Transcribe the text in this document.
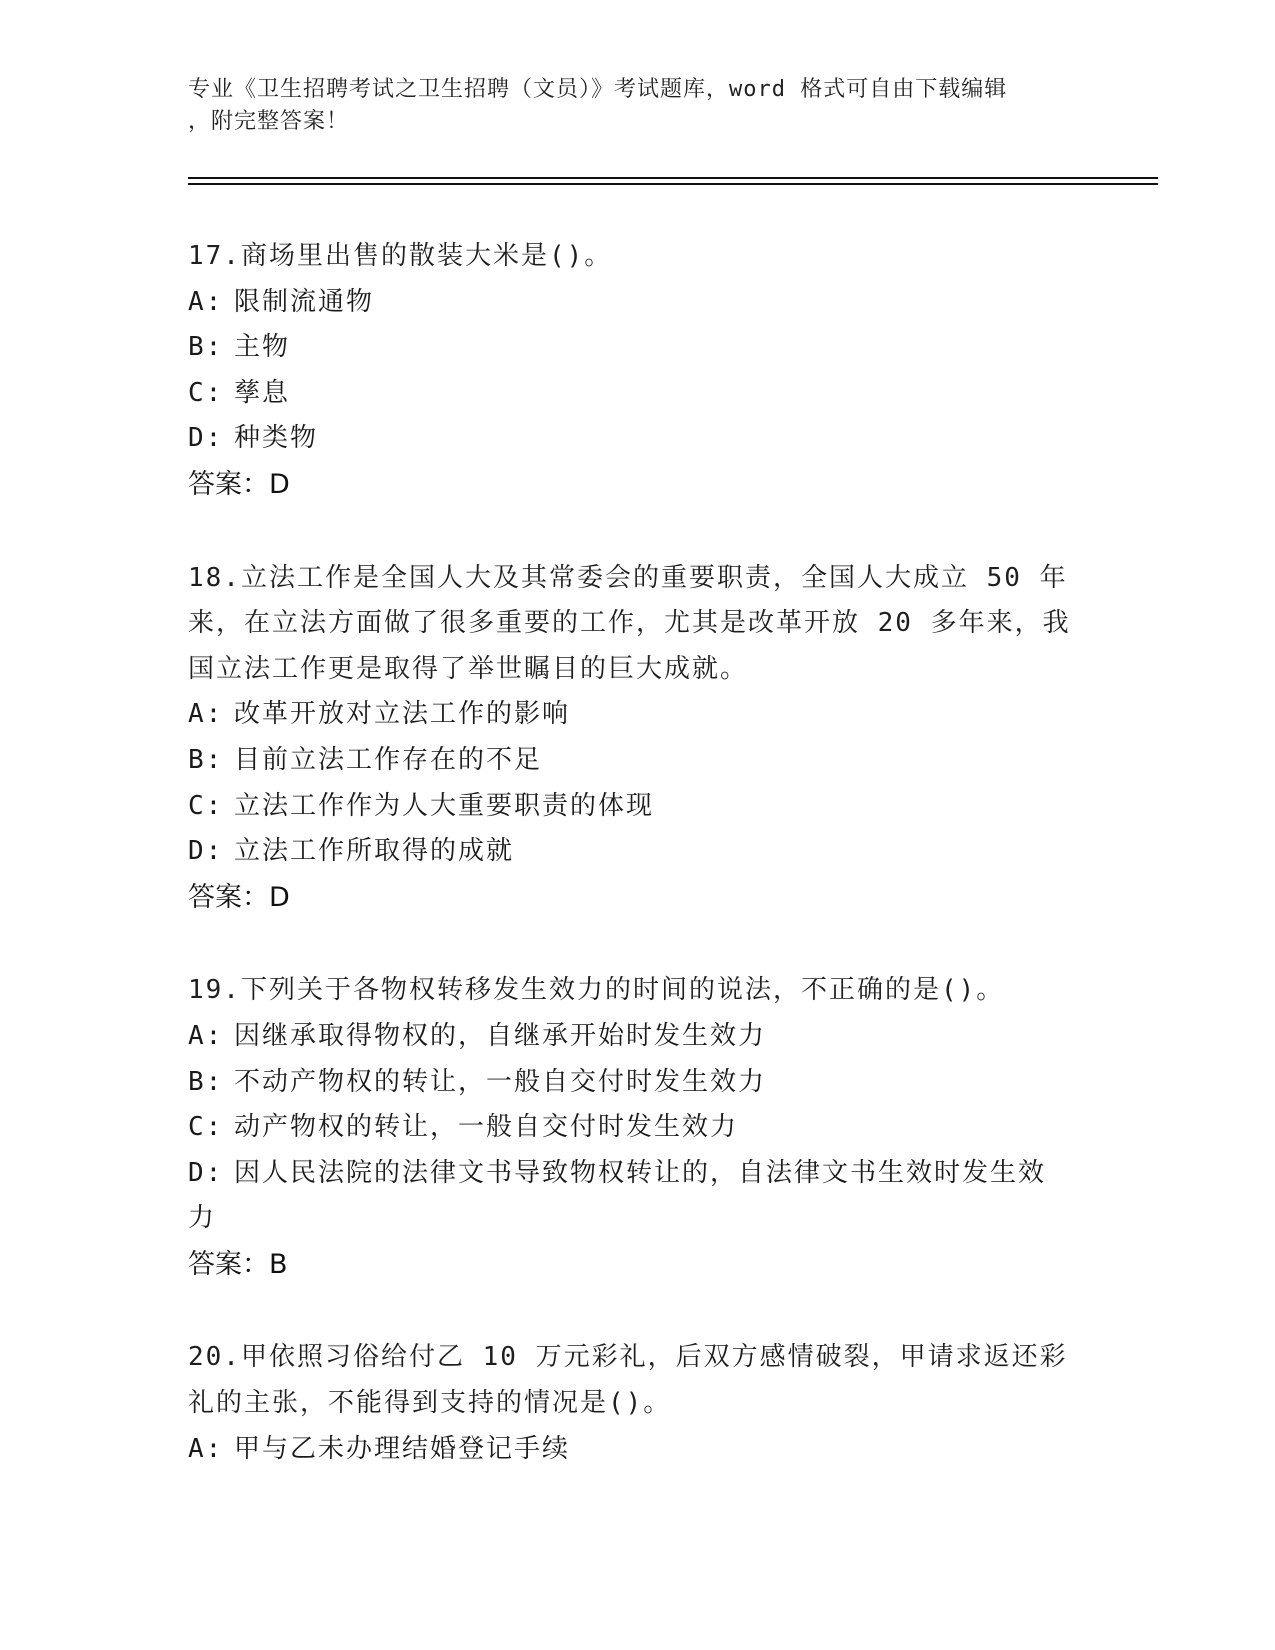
专业《卫生招聘考试之卫生招聘（文员）》考试题库，word 格式可自由下载编辑
，附完整答案！
17.商场里出售的散装大米是()。
A: 限制流通物
B: 主物
C: 孳息
D: 种类物
答案：D
18.立法工作是全国人大及其常委会的重要职责，全国人大成立 50 年
来，在立法方面做了很多重要的工作，尤其是改革开放 20 多年来，我
国立法工作更是取得了举世瞩目的巨大成就。
A: 改革开放对立法工作的影响
B: 目前立法工作存在的不足
C: 立法工作作为人大重要职责的体现
D: 立法工作所取得的成就
答案：D
19.下列关于各物权转移发生效力的时间的说法，不正确的是()。
A: 因继承取得物权的，自继承开始时发生效力
B: 不动产物权的转让，一般自交付时发生效力
C: 动产物权的转让，一般自交付时发生效力
D: 因人民法院的法律文书导致物权转让的，自法律文书生效时发生效
力
答案：B
20.甲依照习俗给付乙 10 万元彩礼，后双方感情破裂，甲请求返还彩
礼的主张，不能得到支持的情况是()。
A: 甲与乙未办理结婚登记手续
